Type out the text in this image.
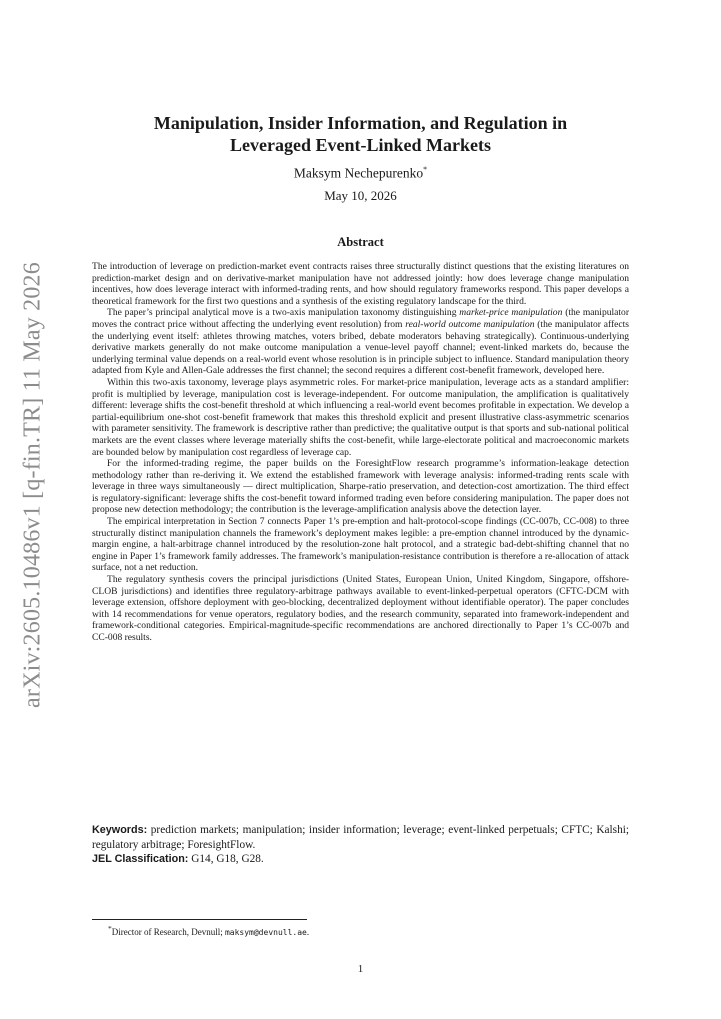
arXiv:2605.10486v1 [q-fin.TR] 11 May 2026
Manipulation, Insider Information, and Regulation in
Leveraged Event-Linked Markets
Maksym Nechepurenko*
May 10, 2026
Abstract

The introduction of leverage on prediction-market event contracts raises three structurally distinct questions that the existing literatures on prediction-market design and on derivative-market manipulation have not addressed jointly: how does leverage change manipulation incentives, how does leverage interact with informed-trading rents, and how should regulatory frameworks respond. This paper develops a theoretical framework for the first two questions and a synthesis of the existing regulatory landscape for the third.

The paper’s principal analytical move is a two-axis manipulation taxonomy distinguishing market-price manipulation (the manipulator moves the contract price without affecting the underlying event resolution) from real-world outcome manipulation (the manipulator affects the underlying event itself: athletes throwing matches, voters bribed, debate moderators behaving strategically). Continuous-underlying derivative markets generally do not make outcome manipulation a venue-level payoff channel; event-linked markets do, because the underlying terminal value depends on a real-world event whose resolution is in principle subject to influence. Standard manipulation theory adapted from Kyle and Allen-Gale addresses the first channel; the second requires a different cost-benefit framework, developed here.

Within this two-axis taxonomy, leverage plays asymmetric roles. For market-price manipulation, leverage acts as a standard amplifier: profit is multiplied by leverage, manipulation cost is leverage-independent. For outcome manipulation, the amplification is qualitatively different: leverage shifts the cost-benefit threshold at which influencing a real-world event becomes profitable in expectation. We develop a partial-equilibrium one-shot cost-benefit framework that makes this threshold explicit and present illustrative class-asymmetric scenarios with parameter sensitivity. The framework is descriptive rather than predictive; the qualitative output is that sports and sub-national political markets are the event classes where leverage materially shifts the cost-benefit, while large-electorate political and macroeconomic markets are bounded below by manipulation cost regardless of leverage cap.

For the informed-trading regime, the paper builds on the ForesightFlow research programme’s information-leakage detection methodology rather than re-deriving it. We extend the established framework with leverage analysis: informed-trading rents scale with leverage in three ways simultaneously — direct multiplication, Sharpe-ratio preservation, and detection-cost amortization. The third effect is regulatory-significant: leverage shifts the cost-benefit toward informed trading even before considering manipulation. The paper does not propose new detection methodology; the contribution is the leverage-amplification analysis above the detection layer.

The empirical interpretation in Section 7 connects Paper 1’s pre-emption and halt-protocol-scope findings (CC-007b, CC-008) to three structurally distinct manipulation channels the framework’s deployment makes legible: a pre-emption channel introduced by the dynamic-margin engine, a halt-arbitrage channel introduced by the resolution-zone halt protocol, and a strategic bad-debt-shifting channel that no engine in Paper 1’s framework family addresses. The framework’s manipulation-resistance contribution is therefore a re-allocation of attack surface, not a net reduction.

The regulatory synthesis covers the principal jurisdictions (United States, European Union, United Kingdom, Singapore, offshore-CLOB jurisdictions) and identifies three regulatory-arbitrage pathways available to event-linked-perpetual operators (CFTC-DCM with leverage extension, offshore deployment with geo-blocking, decentralized deployment without identifiable operator). The paper concludes with 14 recommendations for venue operators, regulatory bodies, and the research community, separated into framework-independent and framework-conditional categories. Empirical-magnitude-specific recommendations are anchored directionally to Paper 1’s CC-007b and CC-008 results.

Keywords: prediction markets; manipulation; insider information; leverage; event-linked perpetuals; CFTC; Kalshi; regulatory arbitrage; ForesightFlow.
JEL Classification: G14, G18, G28.
*Director of Research, Devnull; maksym@devnull.ae.
1
